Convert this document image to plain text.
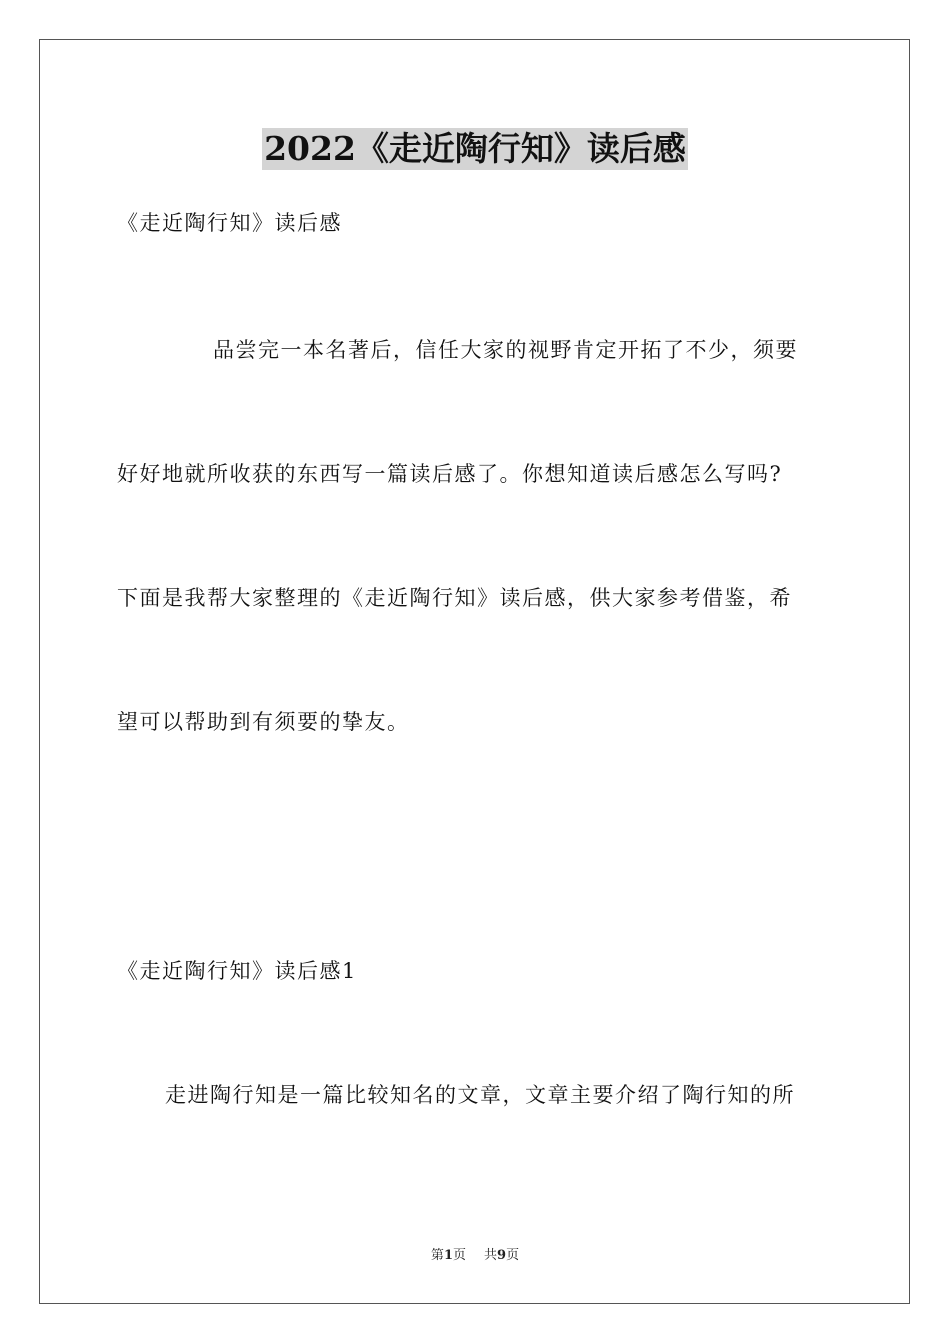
2022《走近陶行知》读后感
《走近陶行知》读后感
品尝完一本名著后，信任大家的视野肯定开拓了不少，须要
好好地就所收获的东西写一篇读后感了。你想知道读后感怎么写吗?
下面是我帮大家整理的《走近陶行知》读后感，供大家参考借鉴，希
望可以帮助到有须要的挚友。
《走近陶行知》读后感1
走进陶行知是一篇比较知名的文章，文章主要介绍了陶行知的所
第1页 共9页
